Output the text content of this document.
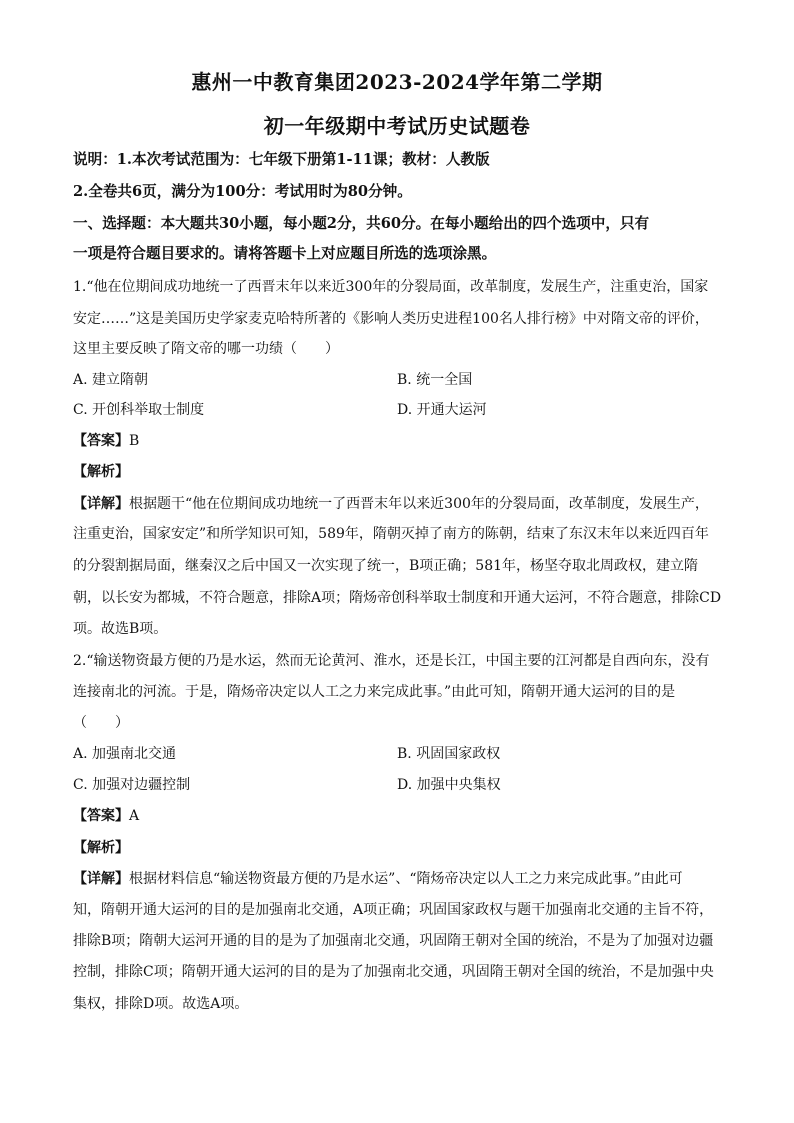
惠州一中教育集团2023-2024学年第二学期
初一年级期中考试历史试题卷
说明：1.本次考试范围为：七年级下册第1-11课；教材：人教版
2.全卷共6页，满分为100分：考试用时为80分钟。
一、选择题：本大题共30小题，每小题2分，共60分。在每小题给出的四个选项中，只有
一项是符合题目要求的。请将答题卡上对应题目所选的选项涂黑。
1.“他在位期间成功地统一了西晋末年以来近300年的分裂局面，改革制度，发展生产，注重吏治，国家
安定……”这是美国历史学家麦克哈特所著的《影响人类历史进程100名人排行榜》中对隋文帝的评价，
这里主要反映了隋文帝的哪一功绩（　　）
A. 建立隋朝	B. 统一全国
C. 开创科举取士制度	D. 开通大运河
【答案】B
【解析】
【详解】根据题干“他在位期间成功地统一了西晋末年以来近300年的分裂局面，改革制度，发展生产，
注重吏治，国家安定”和所学知识可知，589年，隋朝灭掉了南方的陈朝，结束了东汉末年以来近四百年
的分裂割据局面，继秦汉之后中国又一次实现了统一，B项正确；581年，杨坚夺取北周政权，建立隋
朝，以长安为都城，不符合题意，排除A项；隋炀帝创科举取士制度和开通大运河，不符合题意，排除CD
项。故选B项。
2.“输送物资最方便的乃是水运，然而无论黄河、淮水，还是长江，中国主要的江河都是自西向东，没有
连接南北的河流。于是，隋炀帝决定以人工之力来完成此事。”由此可知，隋朝开通大运河的目的是
（　　）
A. 加强南北交通	B. 巩固国家政权
C. 加强对边疆控制	D. 加强中央集权
【答案】A
【解析】
【详解】根据材料信息“输送物资最方便的乃是水运”、“隋炀帝决定以人工之力来完成此事。”由此可
知，隋朝开通大运河的目的是加强南北交通，A项正确；巩固国家政权与题干加强南北交通的主旨不符，
排除B项；隋朝大运河开通的目的是为了加强南北交通，巩固隋王朝对全国的统治，不是为了加强对边疆
控制，排除C项；隋朝开通大运河的目的是为了加强南北交通，巩固隋王朝对全国的统治，不是加强中央
集权，排除D项。故选A项。
